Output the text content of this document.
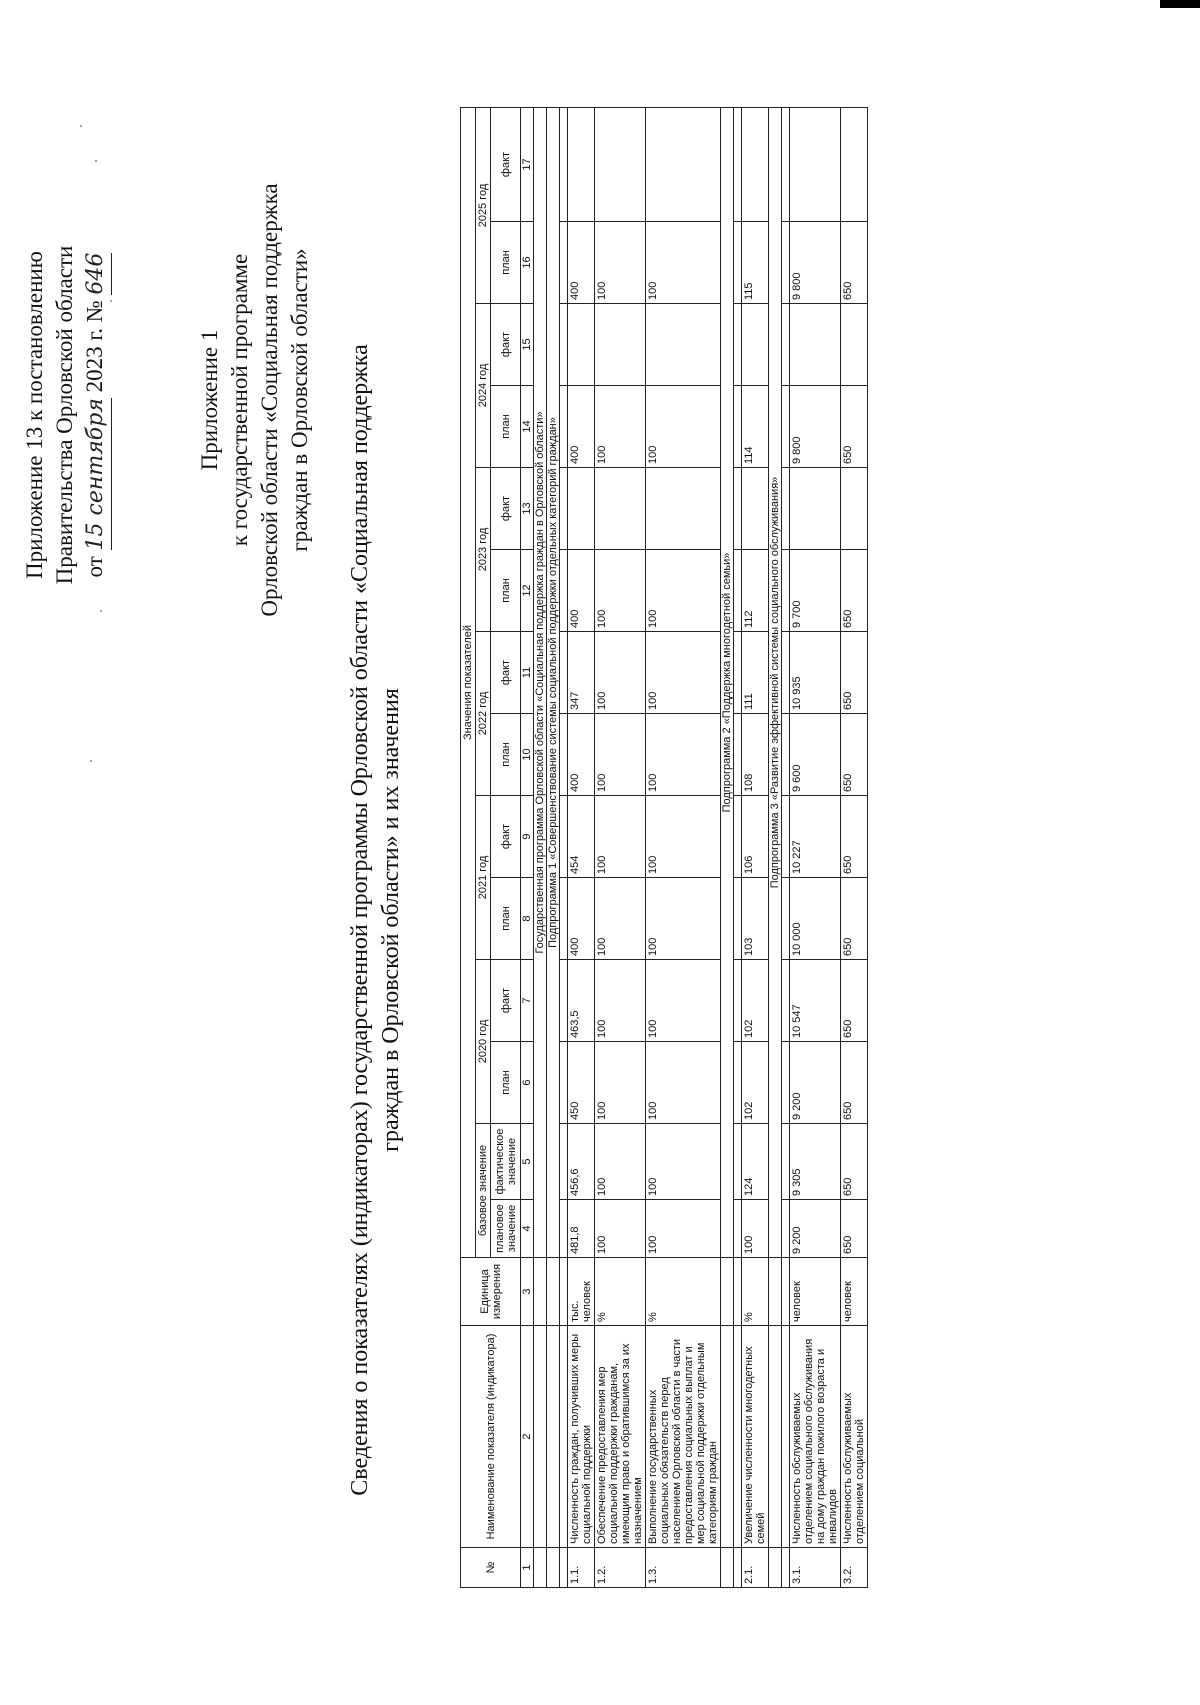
Приложение 13 к постановлению Правительства Орловской области от 15 сентября 2023 г. № 646
Приложение 1 к государственной программе Орловской области «Социальная поддержка граждан в Орловской области» Сведения о показателях (индикаторах) государственной программы Орловской области «Социальная поддержка граждан в Орловской области» и их значения
№	Наименование показателя (индикатора)	Единица измерения	Значения показателей													
			базовое значение		2020 год		2021 год		2022 год		2023 год		2024 год		2025 год	
			плановое значение	фактическое значение	план	факт	план	факт	план	факт	план	факт	план	факт	план	факт
1	2	3	4	5	6	7	8	9	10	11	12	13	14	15	16	17
			Государственная программа Орловской области «Социальная поддержка граждан в Орловской области»													
			Подпрограмма 1 «Совершенствование системы социальной поддержки отдельных категорий граждан»													

1.1.	Численность граждан, получивших меры социальной поддержки	тыс. человек	481,8	456,6	450	463,5	400	454	400	347	400		400		400	
1.2.	Обеспечение предоставления мер социальной поддержки гражданам, имеющим право и обратившимся за их назначением	%	100	100	100	100	100	100	100	100	100		100		100	
1.3.	Выполнение государственных социальных обязательств перед населением Орловской области в части предоставления социальных выплат и мер социальной поддержки отдельным категориям граждан	%	100	100	100	100	100	100	100	100	100		100		100	
			Подпрограмма 2 «Поддержка многодетной семьи»													

2.1.	Увеличение численности многодетных семей	%	100	124	102	102	103	106	108	111	112		114		115	
			Подпрограмма 3 «Развитие эффективной системы социального обслуживания»													

3.1.	Численность обслуживаемых отделением социального обслуживания на дому граждан пожилого возраста и инвалидов	человек	9 200	9 305	9 200	10 547	10 000	10 227	9 600	10 935	9 700		9 800		9 800	
3.2.	Численность обслуживаемых отделением социальной	человек	650	650	650	650	650	650	650	650	650		650		650	
